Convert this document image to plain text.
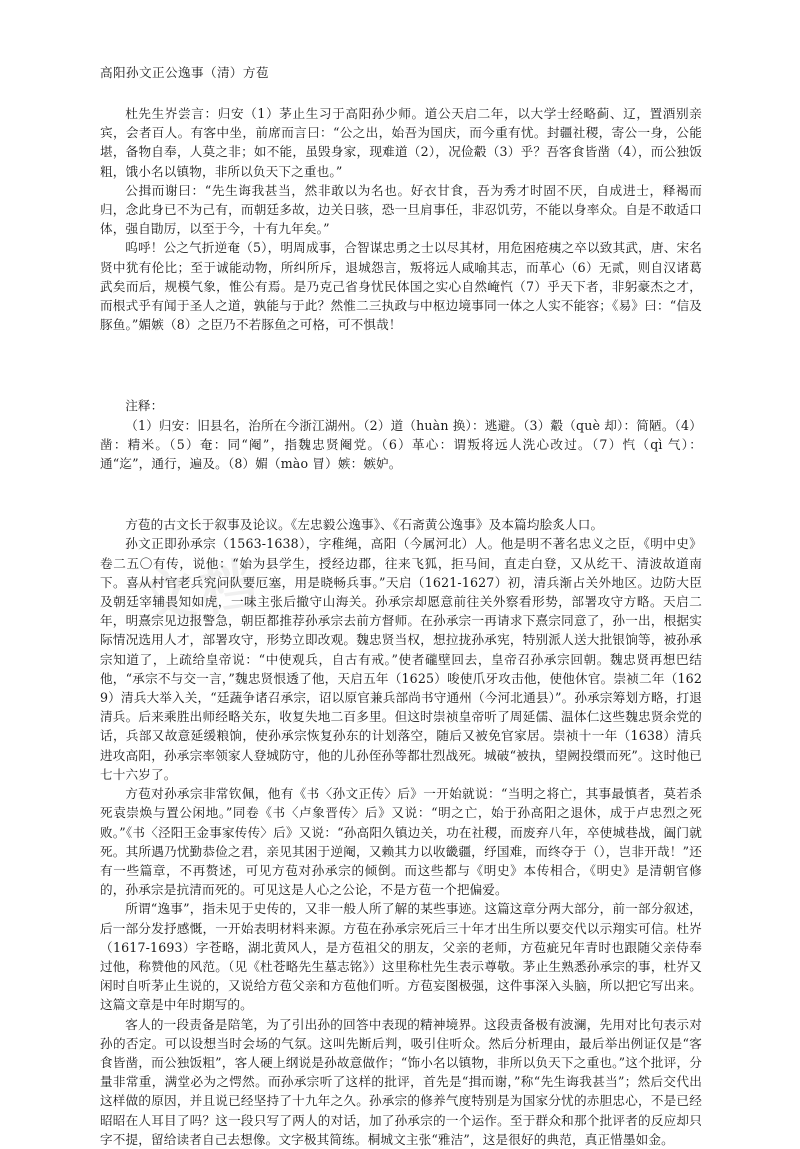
文档
高阳孙文正公逸事（清）方苞

杜先生岕尝言：归安（1）茅止生习于高阳孙少师。道公天启二年，以大学士经略蓟、辽，置酒别亲宾，会者百人。有客中坐，前席而言曰：“公之出，始吾为国庆，而今重有忧。封疆社稷，寄公一身，公能堪，备物自奉，人莫之非；如不能，虽毁身家，现难道（2），况俭觳（3）乎？吾客食皆凿（4），而公独饭粗，饿小名以镇物，非所以负天下之重也。”

公揖而谢曰：“先生诲我甚当，然非敢以为名也。好衣甘食，吾为秀才时固不厌，自成进士，释褐而归，念此身已不为己有，而朝廷多故，边关日骇，恐一旦肩事任，非忍饥劳，不能以身率众。自是不敢适口体，强自勖厉，以至于今，十有九年矣。”

呜呼！公之气折逆奄（5），明周成事，合智谋忠勇之士以尽其材，用危困疮痍之卒以致其武，唐、宋名贤中犹有伦比；至于诚能动物，所纠所斥，退城怨言，叛将远人咸喻其志，而革心（6）无贰，则自汉诸葛武矣而后，规模气象，惟公有焉。是乃克己省身忧民体国之实心自然崦忾（7）乎天下者，非躬豪杰之才，而根式乎有闻于圣人之道，孰能与于此？然惟二三执政与中枢边境事同一体之人实不能容；《易》曰：“信及豚鱼。”媚嫉（8）之臣乃不若豚鱼之可格，可不惧哉！

注释：

（1）归安：旧县名，治所在今浙江湖州。（2）道（huàn 换）：逃避。（3）觳（què 却）：简陋。（4）凿：精米。（5）奄：同“阉”，指魏忠贤阉党。（6）革心：谓叛将远人洗心改过。（7）忾（qì 气）：通“迄”，通行，遍及。（8）媚（mào 冒）嫉：嫉妒。

方苞的古文长于叙事及论议。《左忠毅公逸事》、《石斋黄公逸事》及本篇均脍炙人口。

孙文正即孙承宗（1563-1638），字稚绳，高阳（今属河北）人。他是明不著名忠义之臣，《明中史》卷二五〇有传，说他：“始为县学生，授经边郡，往来飞狐，拒马间，直走白登，又从纥干、清波故道南下。喜从村官老兵究问队要厄塞，用是晓畅兵事。”天启（1621-1627）初，清兵渐占关外地区。边防大臣及朝廷宰辅畏知如虎，一味主张后撤守山海关。孙承宗却愿意前往关外察看形势，部署攻守方略。天启二年，明熹宗见边报警急，朝臣都推荐孙承宗去前方督师。在孙承宗一再请求下熹宗同意了，孙一出，根据实际情况选用人才，部署攻守，形势立即改观。魏忠贤当权，想拉拢孙承宪，特别派人送大批银饷等，被孙承宗知道了，上疏给皇帝说：“中使观兵，自古有戒。”使者礲壁回去，皇帝召孙承宗回朝。魏忠贤再想巴结他，“承宗不与交一言，”魏忠贤恨透了他，天启五年（1625）唆使爪牙攻击他，使他休官。崇祯二年（1629）清兵大举入关，“廷蔬争诸召承宗，诏以原官兼兵部尚书守通州（今河北通县）”。孙承宗筹划方略，打退清兵。后来乘胜出师经略关东，收复失地二百多里。但这时崇祯皇帝听了周延儒、温体仁这些魏忠贤余党的话，兵部又故意延缓粮饷，使孙承宗恢复孙东的计划落空，随后又被免官家居。崇祯十一年（1638）清兵进攻高阳，孙承宗率领家人登城防守，他的儿孙侄孙等都壮烈战死。城破“被执，望阙投缳而死”。这时他已七十六岁了。

方苞对孙承宗非常钦佩，他有《书〈孙文正传〉后》一开始就说：“当明之将亡，其事最慎者，莫若杀死袁崇焕与置公闲地。”同卷《书〈卢象晋传〉后》又说：“明之亡，始于孙高阳之退休，成于卢忠烈之死败。”《书〈泾阳王金事家传传〉后》又说：“孙高阳久镇边关，功在社稷，而废弃八年，卒使城巷战，阖门就死。其所遇乃忧勤恭俭之君，亲见其困于逆阉，又赖其力以收畿疆，纾国难，而终夺于（），岂非开哉！”还有一些篇章，不再赘述，可见方苞对孙承宗的倾倒。而这些都与《明史》本传相合，《明史》是清朝官修的，孙承宗是抗清而死的。可见这是人心之公论，不是方苞一个把偏爱。

所谓“逸事”，指未见于史传的，又非一般人所了解的某些事迹。这篇这章分两大部分，前一部分叙述，后一部分发抒感慨，一开始表明材料来源。方苞在孙承宗死后三十年才出生所以要交代以示翔实可信。杜岕（1617-1693）字苍略，湖北黄风人，是方苞祖父的朋友，父亲的老师，方苞疵兄年青时也跟随父亲侍奉过他，称赞他的风范。（见《杜苍略先生墓志铭》）这里称杜先生表示尊敬。茅止生熟悉孙承宗的事，杜岕又闲时自听茅止生说的，又说给方苞父亲和方苞他们听。方苞妄图极强，这件事深入头脑，所以把它写出来。这篇文章是中年时期写的。

客人的一段责备是陪笔，为了引出孙的回答中表现的精神境界。这段责备极有波澜，先用对比句表示对孙的否定。可以设想当时会场的气氛。这叫先断后判，吸引住听众。然后分析理由，最后举出例证仅是“客食皆凿，而公独饭粗”，客人硬上纲说是孙故意做作；“饰小名以镇物，非所以负天下之重也。”这个批评，分量非常重，满堂必为之愕然。而孙承宗听了这样的批评，首先是“揖而谢，”称“先生诲我甚当”；然后交代出这样做的原因，并且说已经坚持了十九年之久。孙承宗的修养气度特别是为国家分忧的赤胆忠心，不是已经昭昭在人耳目了吗？这一段只写了两人的对话，加了孙承宗的一个运作。至于群众和那个批评者的反应却只字不提，留给读者自己去想像。文字极其简练。桐城文主张“雅洁”，这是很好的典范，真正惜墨如金。
